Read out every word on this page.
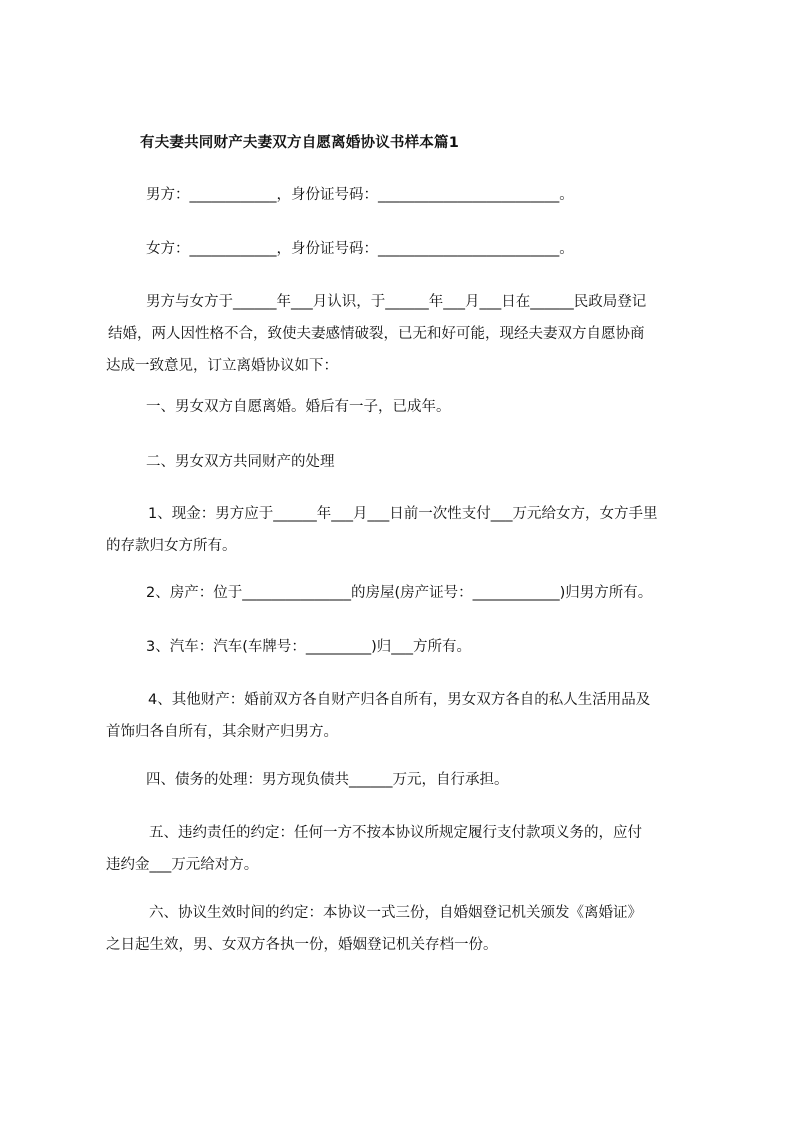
有夫妻共同财产夫妻双方自愿离婚协议书样本篇1
男方：____________，身份证号码：_________________________。
女方：____________，身份证号码：_________________________。
男方与女方于______年___月认识，于______年___月___日在______民政局登记
结婚，两人因性格不合，致使夫妻感情破裂，已无和好可能，现经夫妻双方自愿协商
达成一致意见，订立离婚协议如下：
一、男女双方自愿离婚。婚后有一子，已成年。
二、男女双方共同财产的处理
1、现金：男方应于______年___月___日前一次性支付___万元给女方，女方手里
的存款归女方所有。
2、房产：位于_______________的房屋(房产证号：____________)归男方所有。
3、汽车：汽车(车牌号：_________)归___方所有。
4、其他财产：婚前双方各自财产归各自所有，男女双方各自的私人生活用品及
首饰归各自所有，其余财产归男方。
四、债务的处理：男方现负债共______万元，自行承担。
五、违约责任的约定：任何一方不按本协议所规定履行支付款项义务的，应付
违约金___万元给对方。
六、协议生效时间的约定：本协议一式三份，自婚姻登记机关颁发《离婚证》
之日起生效，男、女双方各执一份，婚姻登记机关存档一份。
